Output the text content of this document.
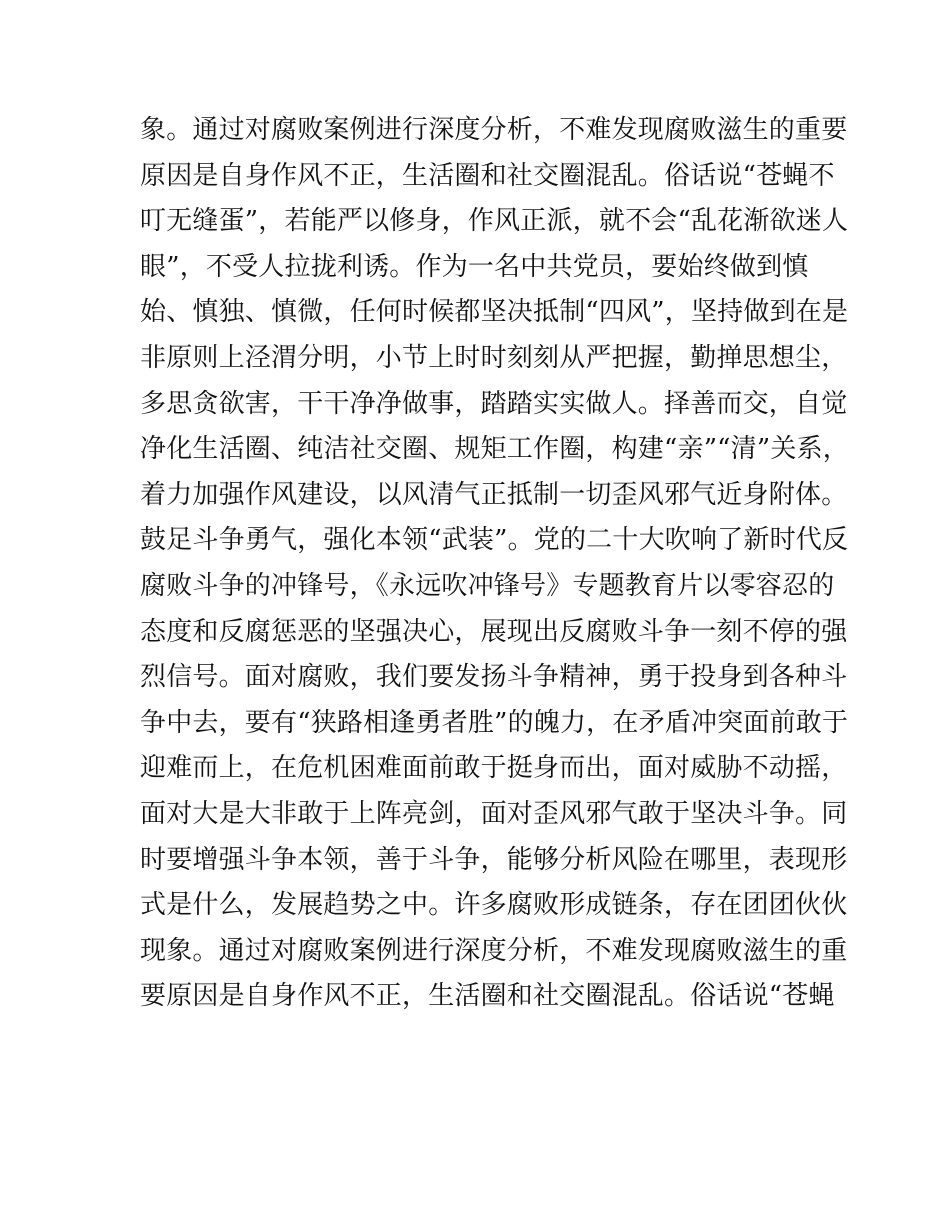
象。通过对腐败案例进行深度分析，不难发现腐败滋生的重要
原因是自身作风不正，生活圈和社交圈混乱。俗话说“苍蝇不
叮无缝蛋”，若能严以修身，作风正派，就不会“乱花渐欲迷人
眼”，不受人拉拢利诱。作为一名中共党员，要始终做到慎
始、慎独、慎微，任何时候都坚决抵制“四风”，坚持做到在是
非原则上泾渭分明，小节上时时刻刻从严把握，勤掸思想尘，
多思贪欲害，干干净净做事，踏踏实实做人。择善而交，自觉
净化生活圈、纯洁社交圈、规矩工作圈，构建“亲”“清”关系，
着力加强作风建设，以风清气正抵制一切歪风邪气近身附体。
鼓足斗争勇气，强化本领“武装”。党的二十大吹响了新时代反
腐败斗争的冲锋号，《永远吹冲锋号》专题教育片以零容忍的
态度和反腐惩恶的坚强决心，展现出反腐败斗争一刻不停的强
烈信号。面对腐败，我们要发扬斗争精神，勇于投身到各种斗
争中去，要有“狭路相逢勇者胜”的魄力，在矛盾冲突面前敢于
迎难而上，在危机困难面前敢于挺身而出，面对威胁不动摇，
面对大是大非敢于上阵亮剑，面对歪风邪气敢于坚决斗争。同
时要增强斗争本领，善于斗争，能够分析风险在哪里，表现形
式是什么，发展趋势之中。许多腐败形成链条，存在团团伙伙
现象。通过对腐败案例进行深度分析，不难发现腐败滋生的重
要原因是自身作风不正，生活圈和社交圈混乱。俗话说“苍蝇
